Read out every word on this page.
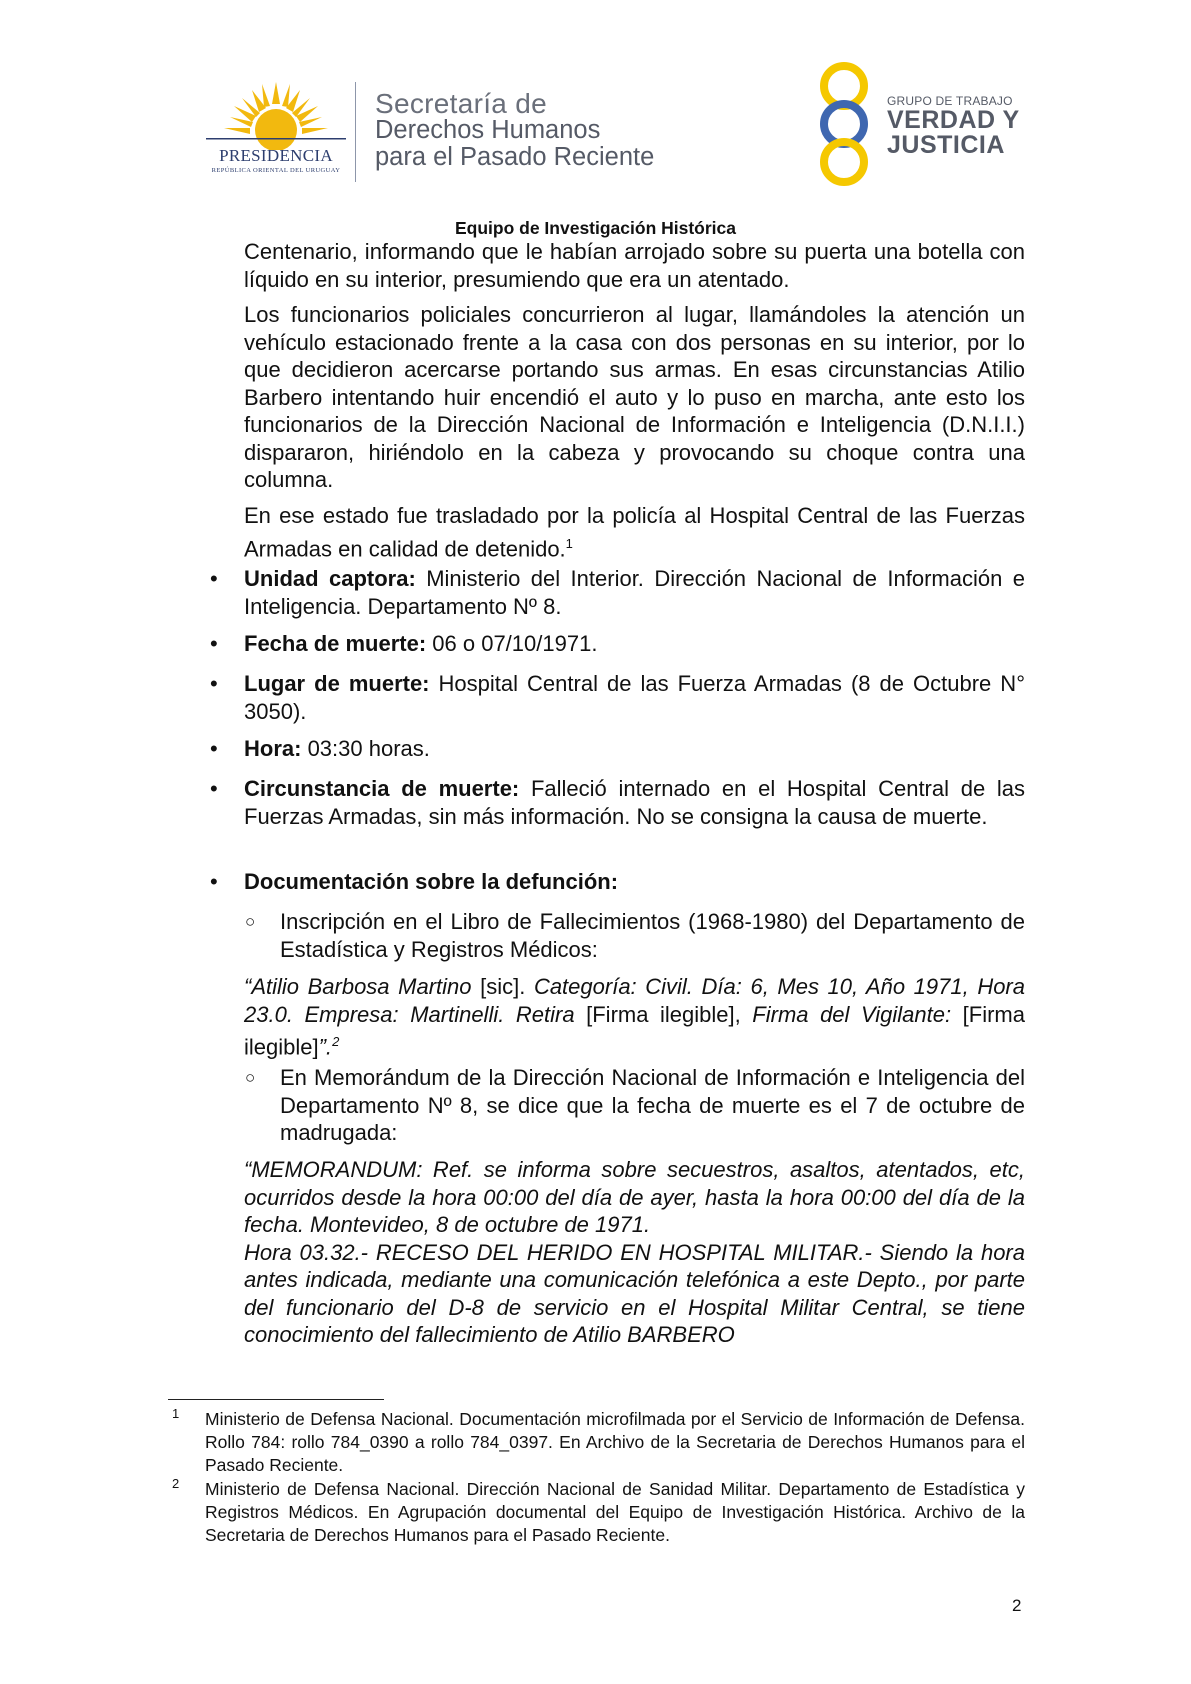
PRESIDENCIA
REPÚBLICA ORIENTAL DEL URUGUAY
Secretaría de
Derechos Humanos
para el Pasado Reciente
GRUPO DE TRABAJO
VERDAD Y
JUSTICIA
Equipo de Investigación Histórica
Centenario, informando que le habían arrojado sobre su puerta una botella con líquido en su interior, presumiendo que era un atentado.
Los funcionarios policiales concurrieron al lugar, llamándoles la atención un vehículo estacionado frente a la casa con dos personas en su interior, por lo que decidieron acercarse portando sus armas. En esas circunstancias Atilio Barbero intentando huir encendió el auto y lo puso en marcha, ante esto los funcionarios de la Dirección Nacional de Información e Inteligencia (D.N.I.I.) dispararon, hiriéndolo en la cabeza y provocando su choque contra una columna.
En ese estado fue trasladado por la policía al Hospital Central de las Fuerzas Armadas en calidad de detenido.$^1$
• Unidad captora: Ministerio del Interior. Dirección Nacional de Información e Inteligencia. Departamento Nº 8.
• Fecha de muerte: 06 o 07/10/1971.
• Lugar de muerte: Hospital Central de las Fuerza Armadas (8 de Octubre N° 3050).
• Hora: 03:30 horas.
• Circunstancia de muerte: Falleció internado en el Hospital Central de las Fuerzas Armadas, sin más información. No se consigna la causa de muerte.
• Documentación sobre la defunción:
○ Inscripción en el Libro de Fallecimientos (1968-1980) del Departamento de Estadística y Registros Médicos:
“Atilio Barbosa Martino [sic]. Categoría: Civil. Día: 6, Mes 10, Año 1971, Hora 23.0. Empresa: Martinelli. Retira [Firma ilegible], Firma del Vigilante: [Firma ilegible]”.$^2$
○ En Memorándum de la Dirección Nacional de Información e Inteligencia del Departamento Nº 8, se dice que la fecha de muerte es el 7 de octubre de madrugada:
“MEMORANDUM: Ref. se informa sobre secuestros, asaltos, atentados, etc, ocurridos desde la hora 00:00 del día de ayer, hasta la hora 00:00 del día de la fecha. Montevideo, 8 de octubre de 1971.
Hora 03.32.- RECESO DEL HERIDO EN HOSPITAL MILITAR.- Siendo la hora antes indicada, mediante una comunicación telefónica a este Depto., por parte del funcionario del D-8 de servicio en el Hospital Militar Central, se tiene conocimiento del fallecimiento de Atilio BARBERO
1 Ministerio de Defensa Nacional. Documentación microfilmada por el Servicio de Información de Defensa. Rollo 784: rollo 784_0390 a rollo 784_0397. En Archivo de la Secretaria de Derechos Humanos para el Pasado Reciente.
2 Ministerio de Defensa Nacional. Dirección Nacional de Sanidad Militar. Departamento de Estadística y Registros Médicos. En Agrupación documental del Equipo de Investigación Histórica. Archivo de la Secretaria de Derechos Humanos para el Pasado Reciente.
2
